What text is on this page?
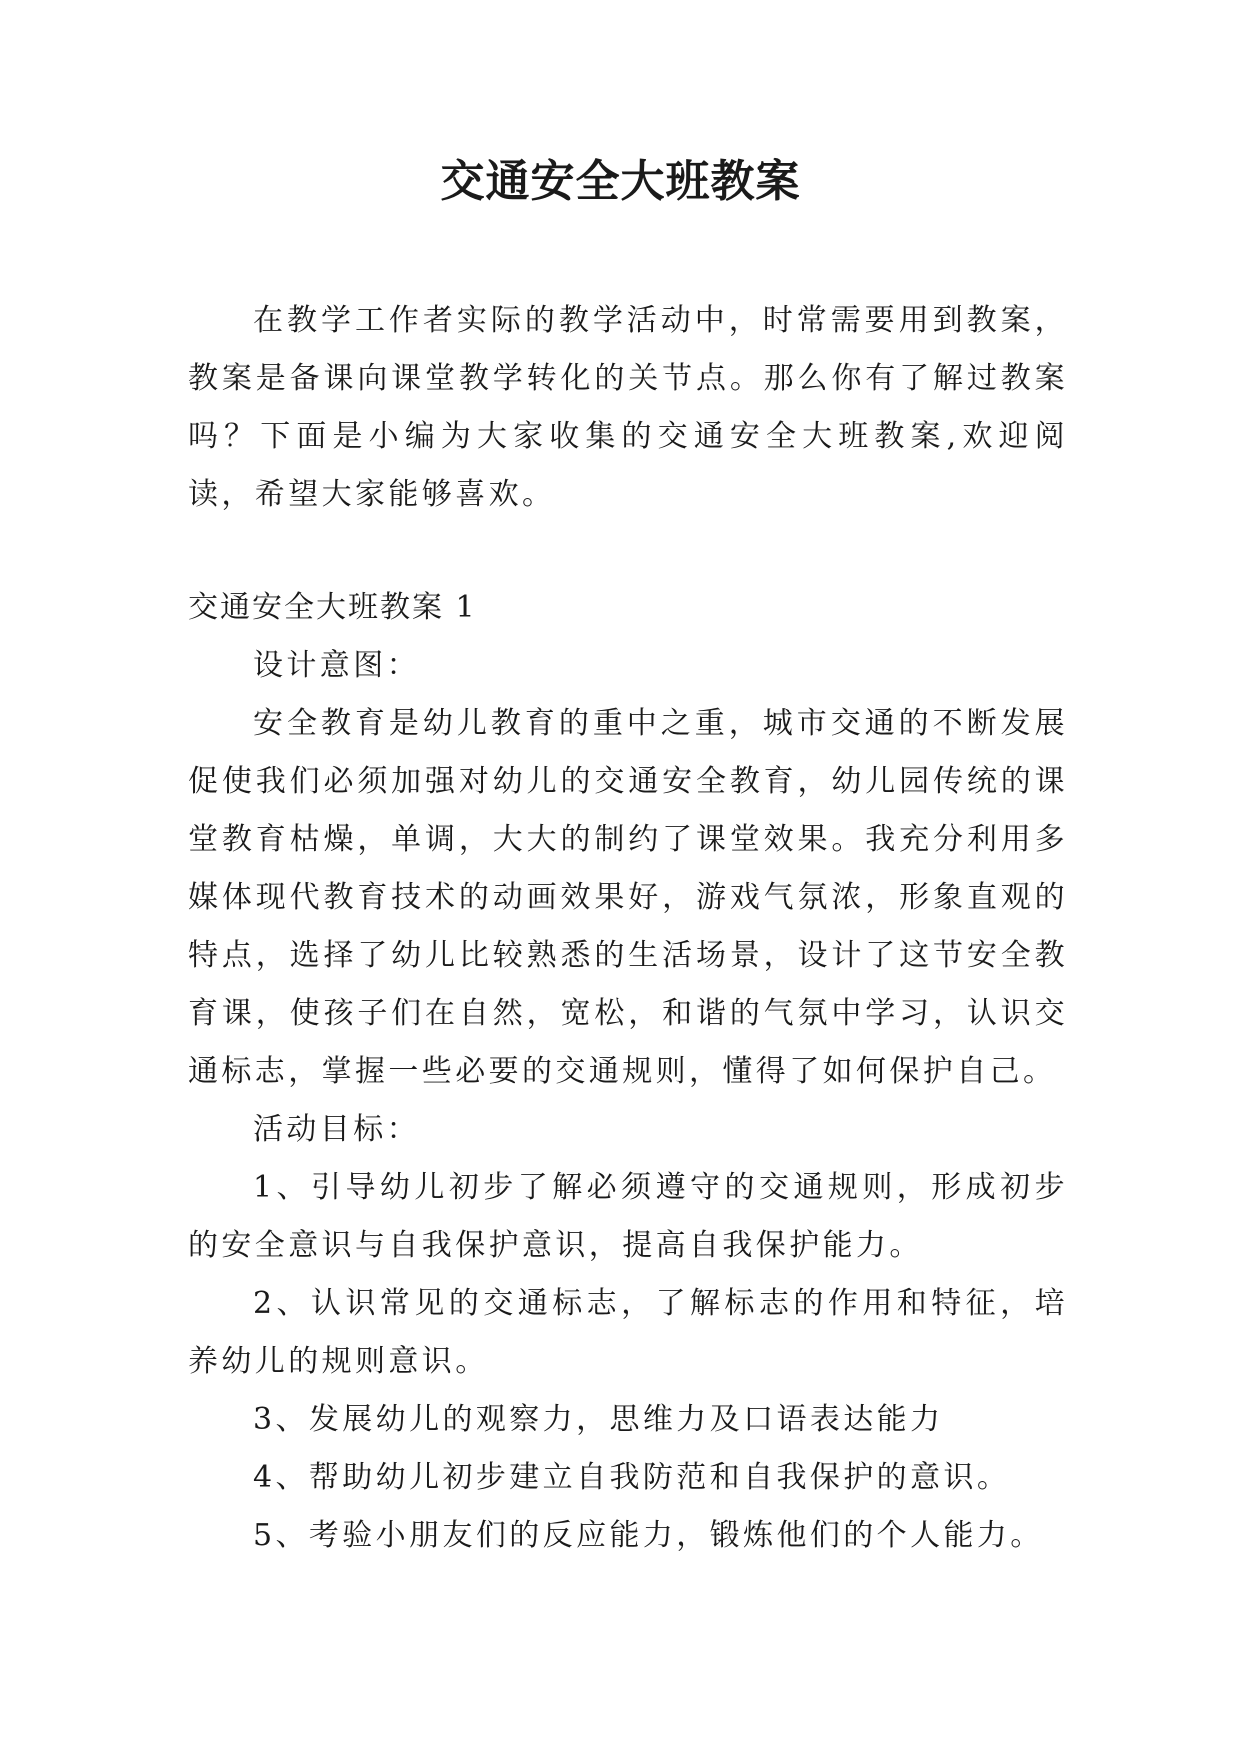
交通安全大班教案

在教学工作者实际的教学活动中，时常需要用到教案，教案是备课向课堂教学转化的关节点。那么你有了解过教案吗？下面是小编为大家收集的交通安全大班教案,欢迎阅读，希望大家能够喜欢。

交通安全大班教案 1

设计意图：

安全教育是幼儿教育的重中之重，城市交通的不断发展促使我们必须加强对幼儿的交通安全教育，幼儿园传统的课堂教育枯燥，单调，大大的制约了课堂效果。我充分利用多媒体现代教育技术的动画效果好，游戏气氛浓，形象直观的特点，选择了幼儿比较熟悉的生活场景，设计了这节安全教育课，使孩子们在自然，宽松，和谐的气氛中学习，认识交通标志，掌握一些必要的交通规则，懂得了如何保护自己。

活动目标：

1、引导幼儿初步了解必须遵守的交通规则，形成初步的安全意识与自我保护意识，提高自我保护能力。

2、认识常见的交通标志，了解标志的作用和特征，培养幼儿的规则意识。

3、发展幼儿的观察力，思维力及口语表达能力

4、帮助幼儿初步建立自我防范和自我保护的意识。

5、考验小朋友们的反应能力，锻炼他们的个人能力。
